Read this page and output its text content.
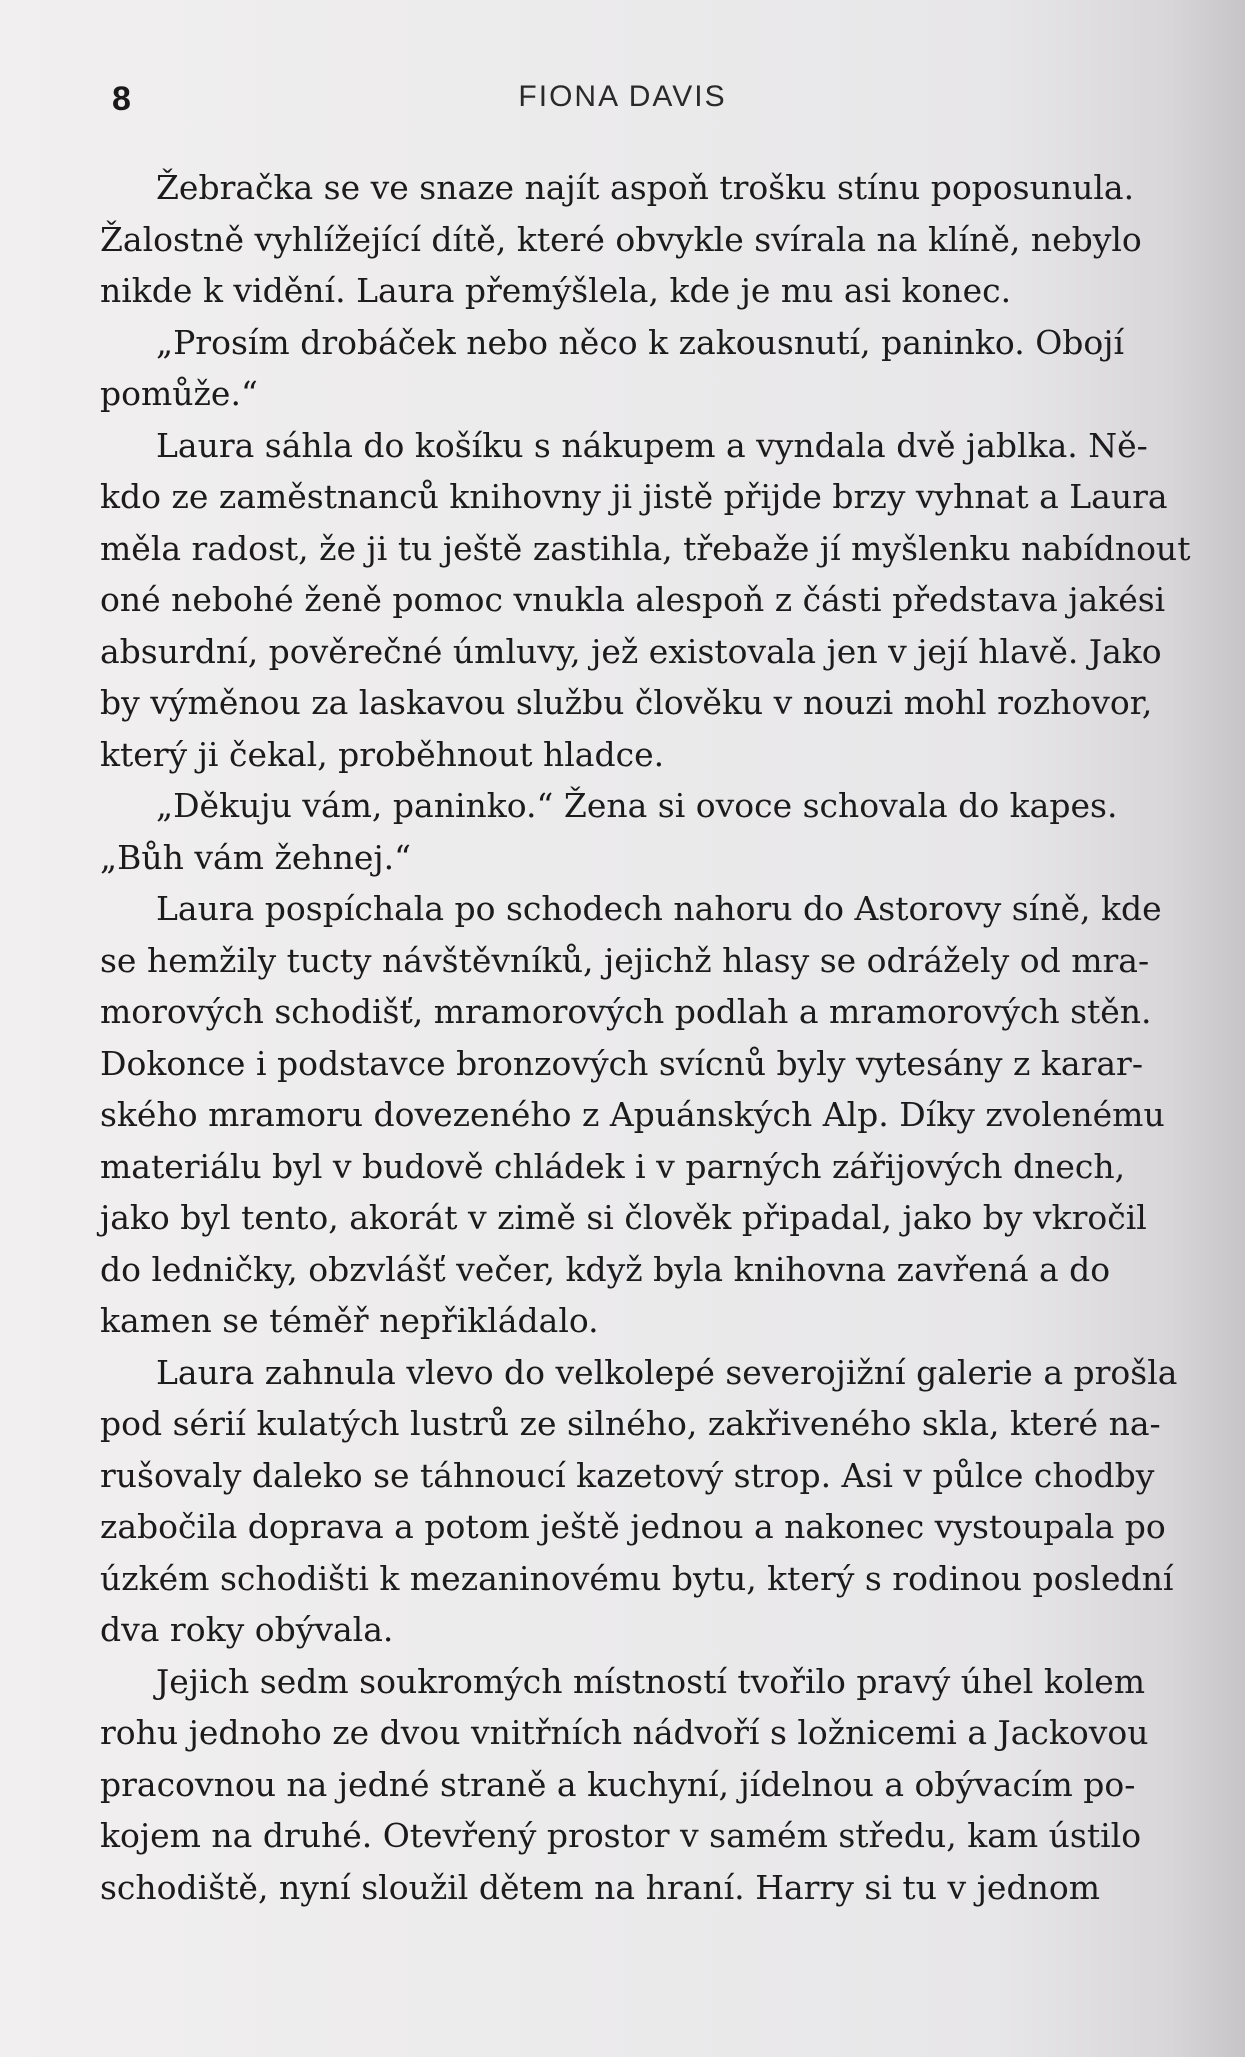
8	FIONA DAVIS

Žebračka se ve snaze najít aspoň trošku stínu poposunula.
Žalostně vyhlížející dítě, které obvykle svírala na klíně, nebylo
nikde k vidění. Laura přemýšlela, kde je mu asi konec.

„Prosím drobáček nebo něco k zakousnutí, paninko. Obojí
pomůže.“

Laura sáhla do košíku s nákupem a vyndala dvě jablka. Ně-
kdo ze zaměstnanců knihovny ji jistě přijde brzy vyhnat a Laura
měla radost, že ji tu ještě zastihla, třebaže jí myšlenku nabídnout
oné nebohé ženě pomoc vnukla alespoň z části představa jakési
absurdní, pověrečné úmluvy, jež existovala jen v její hlavě. Jako
by výměnou za laskavou službu člověku v nouzi mohl rozhovor,
který ji čekal, proběhnout hladce.

„Děkuju vám, paninko.“ Žena si ovoce schovala do kapes.
„Bůh vám žehnej.“

Laura pospíchala po schodech nahoru do Astorovy síně, kde
se hemžily tucty návštěvníků, jejichž hlasy se odrážely od mra-
morových schodišť, mramorových podlah a mramorových stěn.
Dokonce i podstavce bronzových svícnů byly vytesány z karar-
ského mramoru dovezeného z Apuánských Alp. Díky zvolenému
materiálu byl v budově chládek i v parných zářijových dnech,
jako byl tento, akorát v zimě si člověk připadal, jako by vkročil
do ledničky, obzvlášť večer, když byla knihovna zavřená a do
kamen se téměř nepřikládalo.

Laura zahnula vlevo do velkolepé severojižní galerie a prošla
pod sérií kulatých lustrů ze silného, zakřiveného skla, které na-
rušovaly daleko se táhnoucí kazetový strop. Asi v půlce chodby
zabočila doprava a potom ještě jednou a nakonec vystoupala po
úzkém schodišti k mezaninovému bytu, který s rodinou poslední
dva roky obývala.

Jejich sedm soukromých místností tvořilo pravý úhel kolem
rohu jednoho ze dvou vnitřních nádvoří s ložnicemi a Jackovou
pracovnou na jedné straně a kuchyní, jídelnou a obývacím po-
kojem na druhé. Otevřený prostor v samém středu, kam ústilo
schodiště, nyní sloužil dětem na hraní. Harry si tu v jednom
